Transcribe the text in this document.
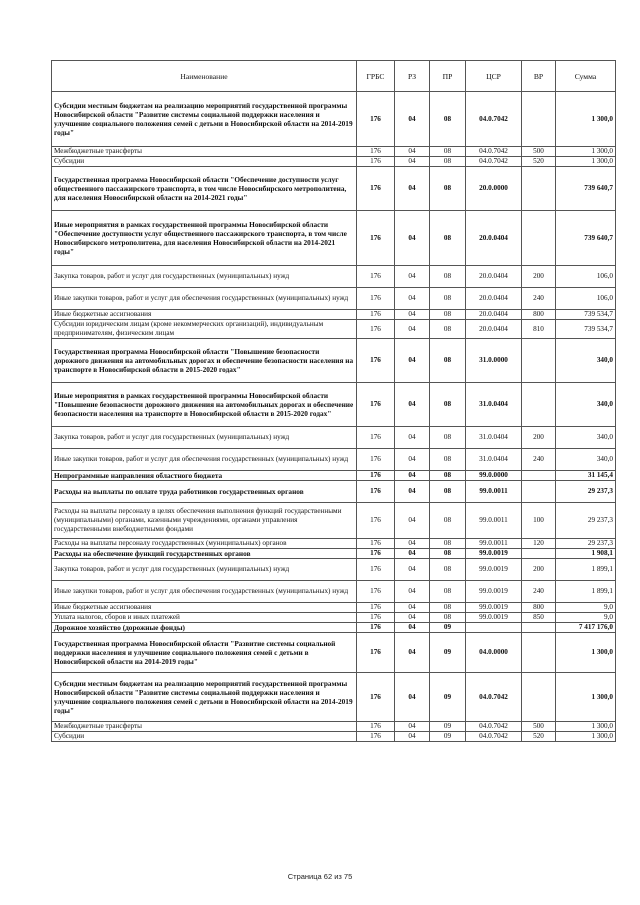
Наименование	ГРБС	РЗ	ПР	ЦСР	ВР	Сумма
Субсидии местным бюджетам на реализацию мероприятий государственной программы Новосибирской области "Развитие системы социальной поддержки населения и улучшение социального положения семей с детьми в Новосибирской области на 2014-2019 годы"	176	04	08	04.0.7042		1 300,0
Межбюджетные трансферты	176	04	08	04.0.7042	500	1 300,0
Субсидии	176	04	08	04.0.7042	520	1 300,0
Государственная программа Новосибирской области "Обеспечение доступности услуг общественного пассажирского транспорта, в том числе Новосибирского метрополитена, для населения Новосибирской области на 2014-2021 годы"	176	04	08	20.0.0000		739 640,7
Иные мероприятия в рамках государственной программы Новосибирской области "Обеспечение доступности услуг общественного пассажирского транспорта, в том числе Новосибирского метрополитена, для населения Новосибирской области на 2014-2021 годы"	176	04	08	20.0.0404		739 640,7
Закупка товаров, работ и услуг для государственных (муниципальных) нужд	176	04	08	20.0.0404	200	106,0
Иные закупки товаров, работ и услуг для обеспечения государственных (муниципальных) нужд	176	04	08	20.0.0404	240	106,0
Иные бюджетные ассигнования	176	04	08	20.0.0404	800	739 534,7
Субсидии юридическим лицам (кроме некоммерческих организаций), индивидуальным предпринимателям, физическим лицам	176	04	08	20.0.0404	810	739 534,7
Государственная программа Новосибирской области "Повышение безопасности дорожного движения на автомобильных дорогах и обеспечение безопасности населения на транспорте в Новосибирской области в 2015-2020 годах"	176	04	08	31.0.0000		340,0
Иные мероприятия в рамках государственной программы Новосибирской области "Повышение безопасности дорожного движения на автомобильных дорогах и обеспечение безопасности населения на транспорте в Новосибирской области в 2015-2020 годах"	176	04	08	31.0.0404		340,0
Закупка товаров, работ и услуг для государственных (муниципальных) нужд	176	04	08	31.0.0404	200	340,0
Иные закупки товаров, работ и услуг для обеспечения государственных (муниципальных) нужд	176	04	08	31.0.0404	240	340,0
Непрограммные направления областного бюджета	176	04	08	99.0.0000		31 145,4
Расходы на выплаты по оплате труда работников государственных органов	176	04	08	99.0.0011		29 237,3
Расходы на выплаты персоналу в целях обеспечения выполнения функций государственными (муниципальными) органами, казенными учреждениями, органами управления государственными внебюджетными фондами	176	04	08	99.0.0011	100	29 237,3
Расходы на выплаты персоналу государственных (муниципальных) органов	176	04	08	99.0.0011	120	29 237,3
Расходы на обеспечение функций государственных органов	176	04	08	99.0.0019		1 908,1
Закупка товаров, работ и услуг для государственных (муниципальных) нужд	176	04	08	99.0.0019	200	1 899,1
Иные закупки товаров, работ и услуг для обеспечения государственных (муниципальных) нужд	176	04	08	99.0.0019	240	1 899,1
Иные бюджетные ассигнования	176	04	08	99.0.0019	800	9,0
Уплата налогов, сборов и иных платежей	176	04	08	99.0.0019	850	9,0
Дорожное хозяйство (дорожные фонды)	176	04	09			7 417 176,0
Государственная программа Новосибирской области "Развитие системы социальной поддержки населения и улучшение социального положения семей с детьми в Новосибирской области на 2014-2019 годы"	176	04	09	04.0.0000		1 300,0
Субсидии местным бюджетам на реализацию мероприятий государственной программы Новосибирской области "Развитие системы социальной поддержки населения и улучшение социального положения семей с детьми в Новосибирской области на 2014-2019 годы"	176	04	09	04.0.7042		1 300,0
Межбюджетные трансферты	176	04	09	04.0.7042	500	1 300,0
Субсидии	176	04	09	04.0.7042	520	1 300,0
Страница 62 из 75
